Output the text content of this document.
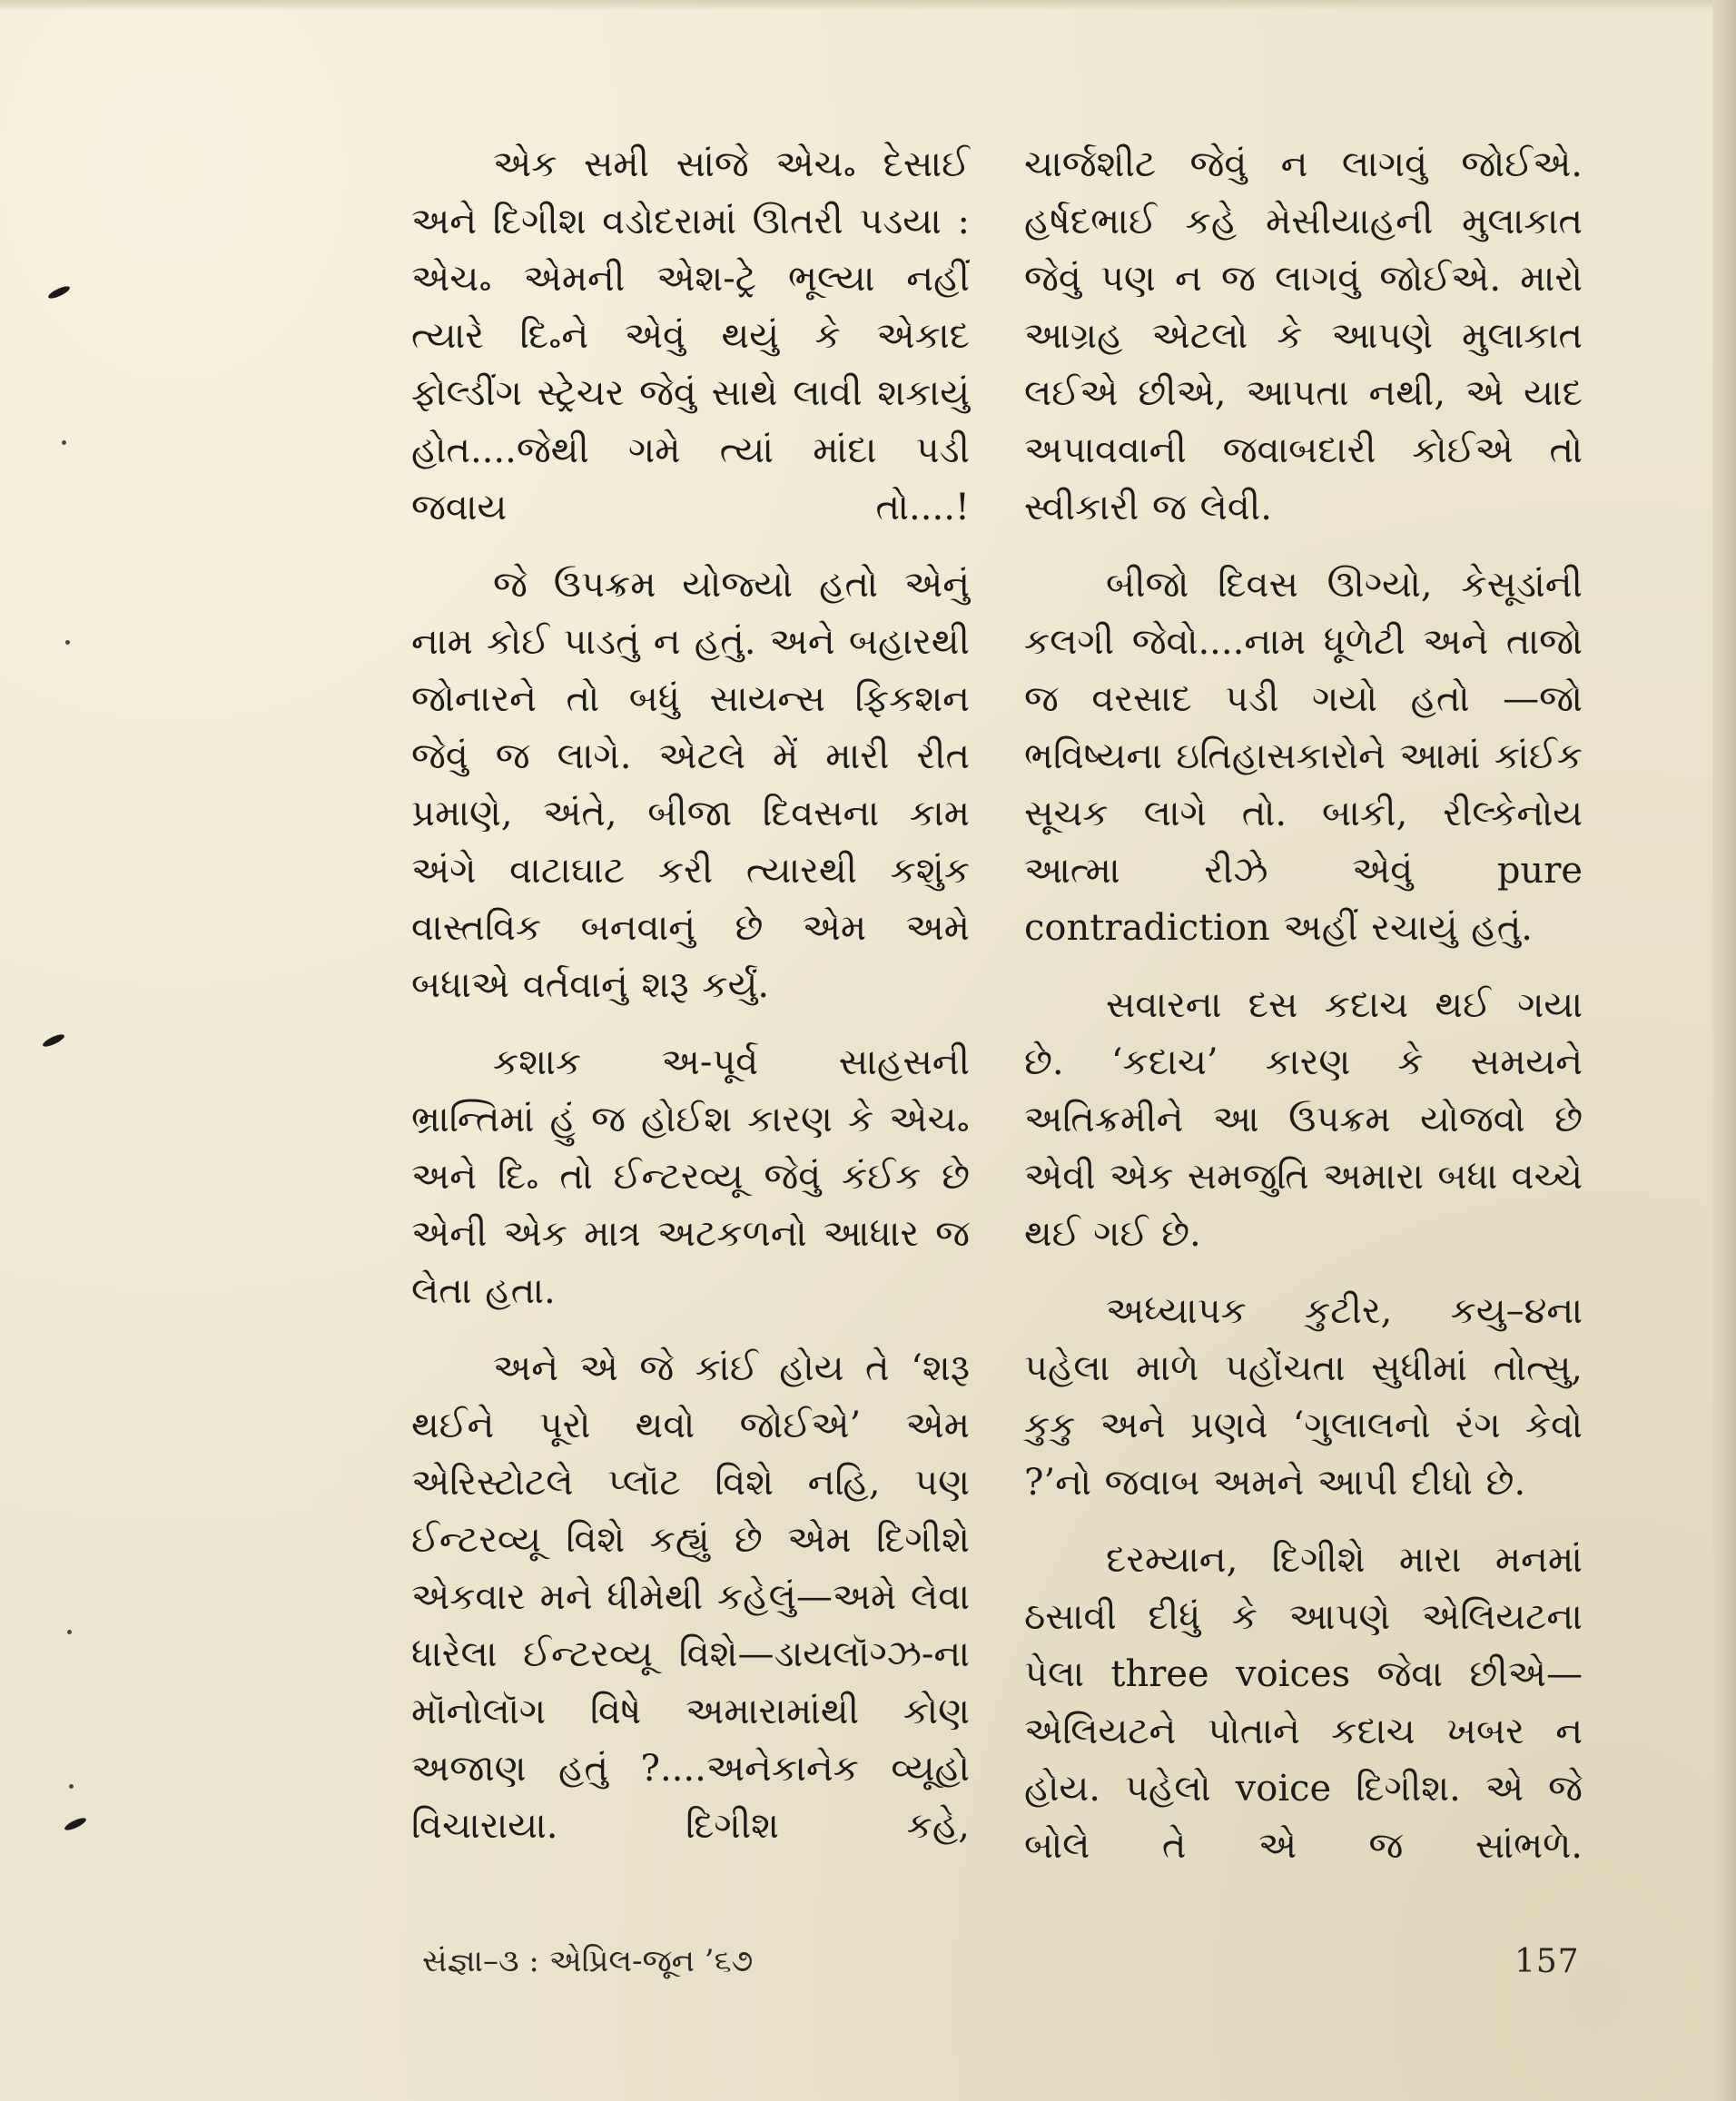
એક સમી સાંજે એચ૰ દેસાઈ અને દિગીશ વડોદરામાં ઊતરી પડયા : એચ૰ એમની એશ-ટ્રે ભૂલ્યા નહીં ત્યારે દિ૰ને એવું થયું કે એકાદ ફોલ્ડીંગ સ્ટ્રેચર જેવું સાથે લાવી શકાયું હોત....જેથી ગમે ત્યાં માંદા પડી જવાય તો....!

જે ઉપક્રમ યોજ્યો હતો એનું નામ કોઈ પાડતું ન હતું. અને બહારથી જોનારને તો બધું સાયન્સ ફિકશન જેવું જ લાગે. એટલે મેં મારી રીત પ્રમાણે, અંતે, બીજા દિવસના કામ અંગે વાટાઘાટ કરી ત્યારથી કશુંક વાસ્તવિક બનવાનું છે એમ અમે બધાએ વર્તવાનું શરૂ કર્યું.

કશાક અ-પૂર્વ સાહસની ભ્રાન્તિમાં હું જ હોઈશ કારણ કે એચ૰ અને દિ૰ તો ઈન્ટરવ્યૂ જેવું કંઈક છે એની એક માત્ર અટકળનો આધાર જ લેતા હતા.

અને એ જે કાંઈ હોય તે ‘શરૂ થઈને પૂરો થવો જોઈએ’ એમ એરિસ્ટોટલે પ્લૉટ વિશે નહિ, પણ ઈન્ટરવ્યૂ વિશે કહ્યું છે એમ દિગીશે એકવાર મને ધીમેથી કહેલું—અમે લેવા ધારેલા ઈન્ટરવ્યૂ વિશે—ડાયલૉગ્ઝ-ના મૉનોલૉગ વિષે અમારામાંથી કોણ અજાણ હતું ?....અનેકાનેક વ્યૂહો વિચારાયા. દિગીશ કહે,

ચાર્જશીટ જેવું ન લાગવું જોઈએ. હર્ષદભાઈ કહે મેસીયાહની મુલાકાત જેવું પણ ન જ લાગવું જોઈએ. મારો આગ્રહ એટલો કે આપણે મુલાકાત લઈએ છીએ, આપતા નથી, એ યાદ અપાવવાની જવાબદારી કોઈએ તો સ્વીકારી જ લેવી.

બીજો દિવસ ઊગ્યો, કેસૂડાંની કલગી જેવો....નામ ધૂળેટી અને તાજો જ વરસાદ પડી ગયો હતો —જો ભવિષ્યના ઇતિહાસકારોને આમાં કાંઈક સૂચક લાગે તો. બાકી, રીલ્કેનોય આત્મા રીઝે એવું pure contradiction અહીં રચાયું હતું.

સવારના દસ કદાચ થઈ ગયા છે. ‘કદાચ’ કારણ કે સમયને અતિક્રમીને આ ઉપક્રમ યોજવો છે એવી એક સમજુતિ અમારા બધા વચ્ચે થઈ ગઈ છે.

અધ્યાપક કુટીર, કયુ–૪ના પહેલા માળે પહોંચતા સુધીમાં તોત્સુ, કુકુ અને પ્રણવે ‘ગુલાલનો રંગ કેવો ?’નો જવાબ અમને આપી દીધો છે.

દરમ્યાન, દિગીશે મારા મનમાં ઠસાવી દીધું કે આપણે એલિયટના પેલા three voices જેવા છીએ—એલિયટને પોતાને કદાચ ખબર ન હોય. પહેલો voice દિગીશ. એ જે બોલે તે એ જ સાંભળે.

સંજ્ઞા–૩ : એપ્રિલ-જૂન ’૬૭	157
